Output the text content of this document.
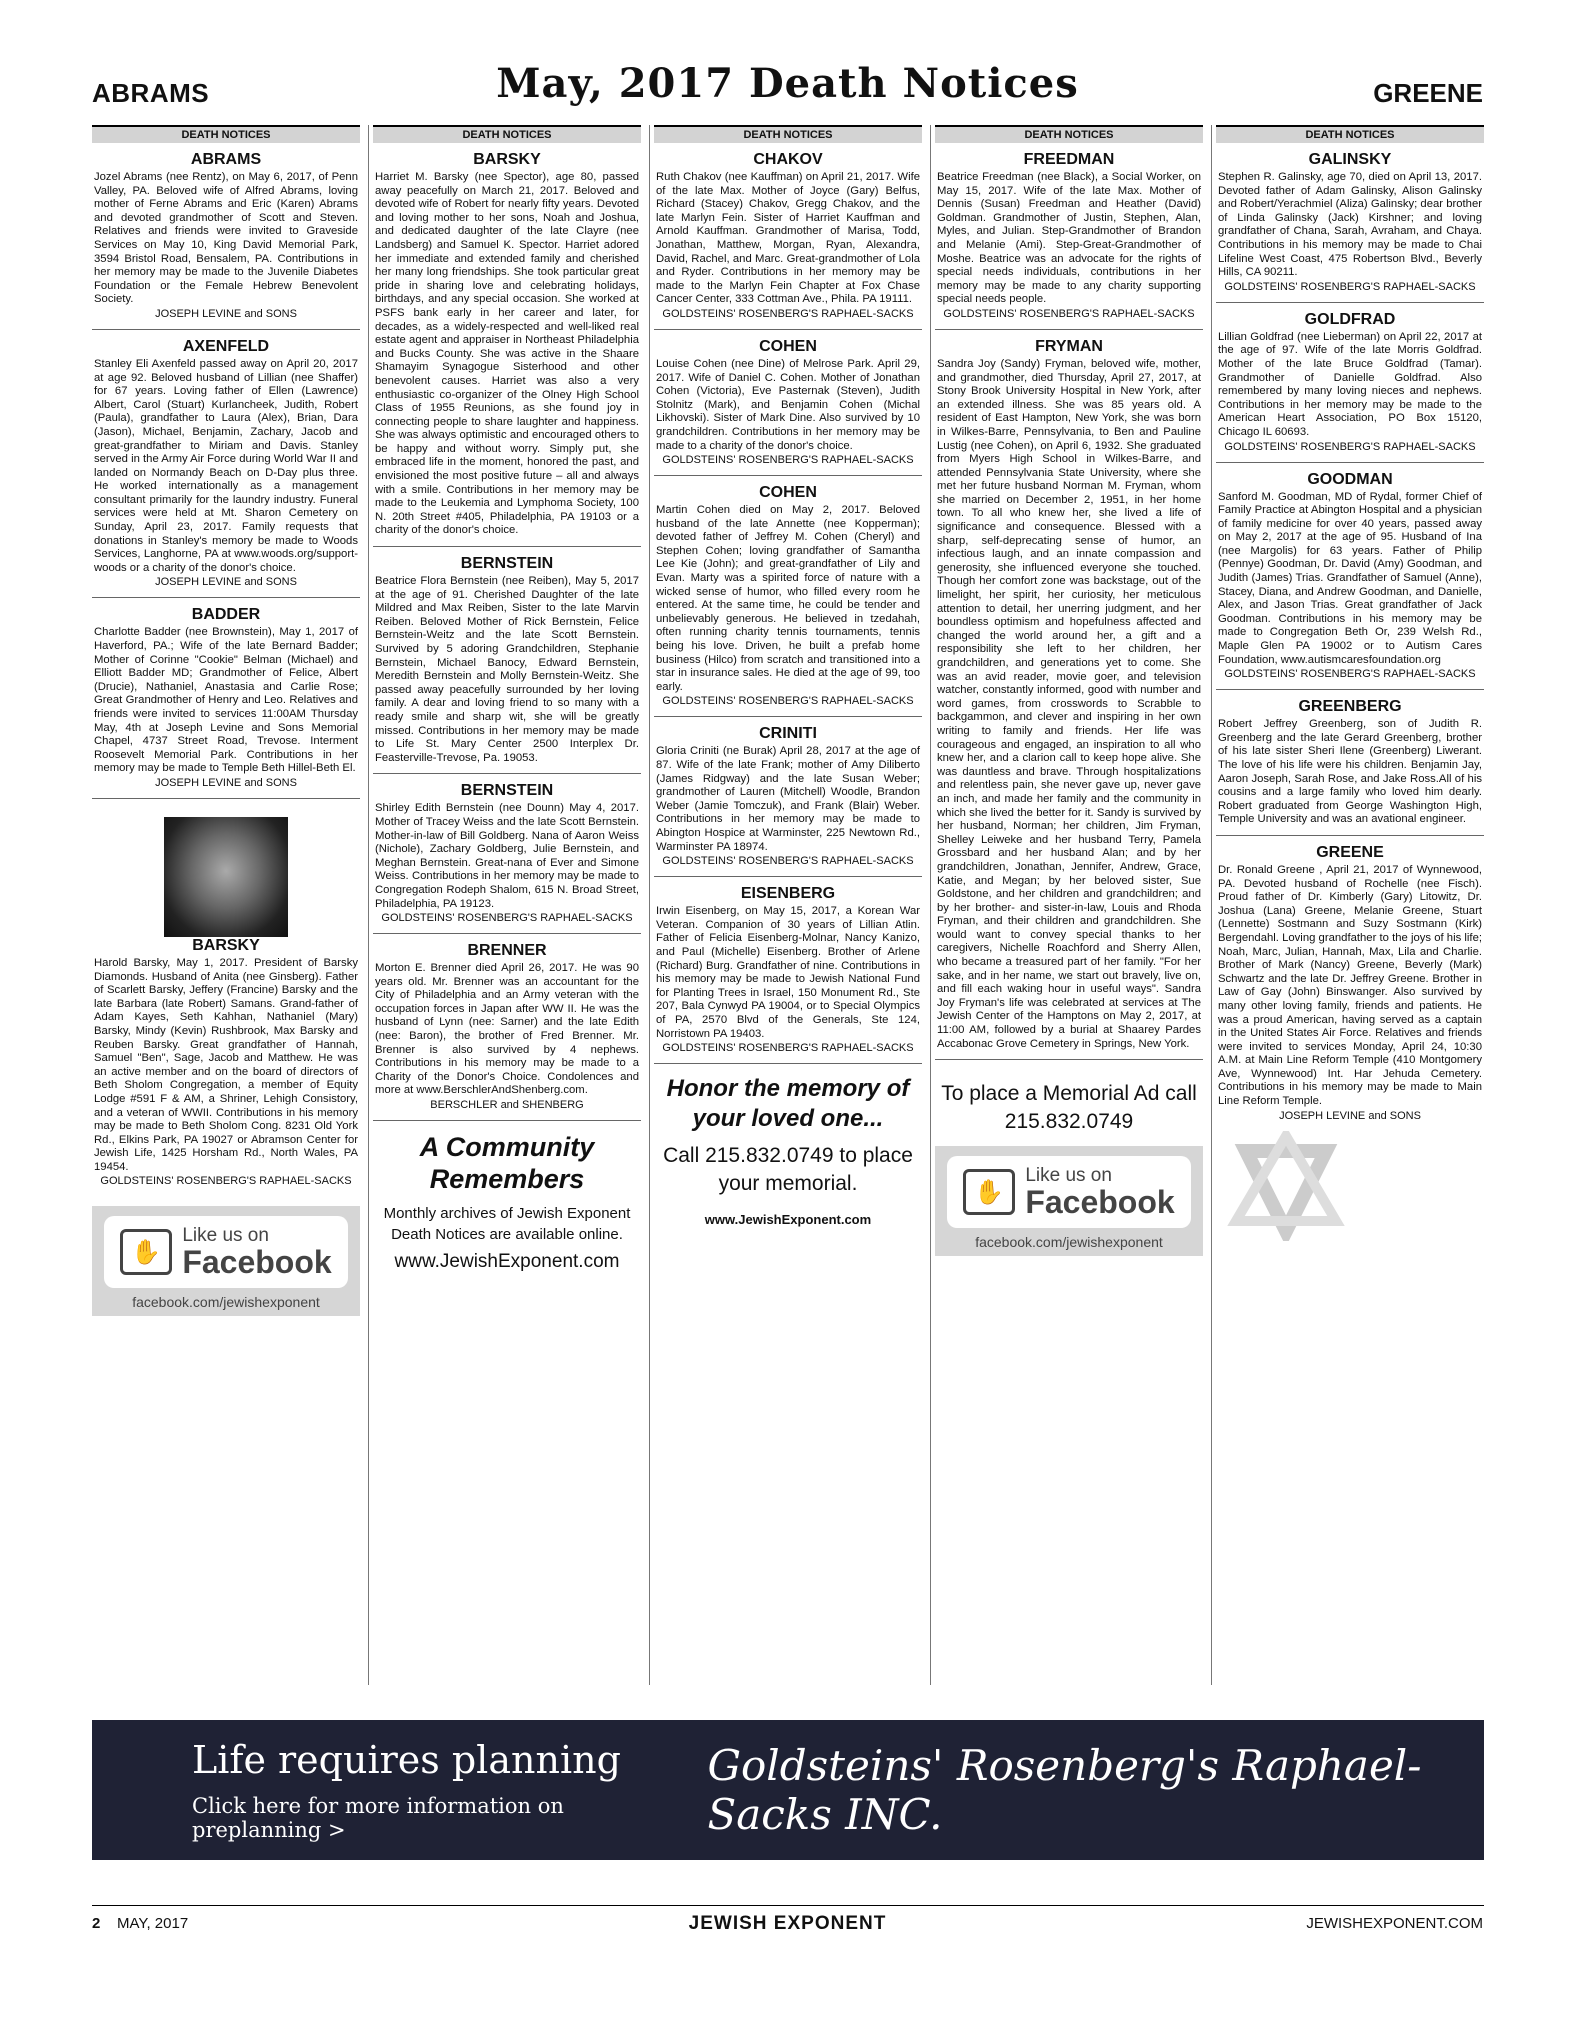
ABRAMS	May, 2017 Death Notices	GREENE
DEATH NOTICES
ABRAMS

Jozel Abrams (nee Rentz), on May 6, 2017, of Penn Valley, PA. Beloved wife of Alfred Abrams, loving mother of Ferne Abrams and Eric (Karen) Abrams and devoted grandmother of Scott and Steven. Relatives and friends were invited to Graveside Services on May 10, King David Memorial Park, 3594 Bristol Road, Bensalem, PA. Contributions in her memory may be made to the Juvenile Diabetes Foundation or the Female Hebrew Benevolent Society.

JOSEPH LEVINE and SONS

AXENFELD

Stanley Eli Axenfeld passed away on April 20, 2017 at age 92. Beloved husband of Lillian (nee Shaffer) for 67 years. Loving father of Ellen (Lawrence) Albert, Carol (Stuart) Kurlancheek, Judith, Robert (Paula), grandfather to Laura (Alex), Brian, Dara (Jason), Michael, Benjamin, Zachary, Jacob and great-grandfather to Miriam and Davis. Stanley served in the Army Air Force during World War II and landed on Normandy Beach on D-Day plus three. He worked internationally as a management consultant primarily for the laundry industry. Funeral services were held at Mt. Sharon Cemetery on Sunday, April 23, 2017. Family requests that donations in Stanley's memory be made to Woods Services, Langhorne, PA at www.woods.org/support-woods or a charity of the donor's choice.

JOSEPH LEVINE and SONS

BADDER

Charlotte Badder (nee Brownstein), May 1, 2017 of Haverford, PA.; Wife of the late Bernard Badder; Mother of Corinne "Cookie" Belman (Michael) and Elliott Badder MD; Grandmother of Felice, Albert (Drucie), Nathaniel, Anastasia and Carlie Rose; Great Grandmother of Henry and Leo. Relatives and friends were invited to services 11:00AM Thursday May, 4th at Joseph Levine and Sons Memorial Chapel, 4737 Street Road, Trevose. Interment Roosevelt Memorial Park. Contributions in her memory may be made to Temple Beth Hillel-Beth El.

JOSEPH LEVINE and SONS

BARSKY

Harold Barsky, May 1, 2017. President of Barsky Diamonds. Husband of Anita (nee Ginsberg). Father of Scarlett Barsky, Jeffery (Francine) Barsky and the late Barbara (late Robert) Samans. Grand-father of Adam Kayes, Seth Kahhan, Nathaniel (Mary) Barsky, Mindy (Kevin) Rushbrook, Max Barsky and Reuben Barsky. Great grandfather of Hannah, Samuel "Ben", Sage, Jacob and Matthew. He was an active member and on the board of directors of Beth Sholom Congregation, a member of Equity Lodge #591 F & AM, a Shriner, Lehigh Consistory, and a veteran of WWII. Contributions in his memory may be made to Beth Sholom Cong. 8231 Old York Rd., Elkins Park, PA 19027 or Abramson Center for Jewish Life, 1425 Horsham Rd., North Wales, PA 19454.

GOLDSTEINS' ROSENBERG'S RAPHAEL-SACKS

✋
Like us on
Facebook
facebook.com/jewishexponent
DEATH NOTICES
BARSKY

Harriet M. Barsky (nee Spector), age 80, passed away peacefully on March 21, 2017. Beloved and devoted wife of Robert for nearly fifty years. Devoted and loving mother to her sons, Noah and Joshua, and dedicated daughter of the late Clayre (nee Landsberg) and Samuel K. Spector. Harriet adored her immediate and extended family and cherished her many long friendships. She took particular great pride in sharing love and celebrating holidays, birthdays, and any special occasion. She worked at PSFS bank early in her career and later, for decades, as a widely-respected and well-liked real estate agent and appraiser in Northeast Philadelphia and Bucks County. She was active in the Shaare Shamayim Synagogue Sisterhood and other benevolent causes. Harriet was also a very enthusiastic co-organizer of the Olney High School Class of 1955 Reunions, as she found joy in connecting people to share laughter and happiness. She was always optimistic and encouraged others to be happy and without worry. Simply put, she embraced life in the moment, honored the past, and envisioned the most positive future – all and always with a smile. Contributions in her memory may be made to the Leukemia and Lymphoma Society, 100 N. 20th Street #405, Philadelphia, PA 19103 or a charity of the donor's choice.

BERNSTEIN

Beatrice Flora Bernstein (nee Reiben), May 5, 2017 at the age of 91. Cherished Daughter of the late Mildred and Max Reiben, Sister to the late Marvin Reiben. Beloved Mother of Rick Bernstein, Felice Bernstein-Weitz and the late Scott Bernstein. Survived by 5 adoring Grandchildren, Stephanie Bernstein, Michael Banocy, Edward Bernstein, Meredith Bernstein and Molly Bernstein-Weitz. She passed away peacefully surrounded by her loving family. A dear and loving friend to so many with a ready smile and sharp wit, she will be greatly missed. Contributions in her memory may be made to Life St. Mary Center 2500 Interplex Dr. Feasterville-Trevose, Pa. 19053.

BERNSTEIN

Shirley Edith Bernstein (nee Dounn) May 4, 2017. Mother of Tracey Weiss and the late Scott Bernstein. Mother-in-law of Bill Goldberg. Nana of Aaron Weiss (Nichole), Zachary Goldberg, Julie Bernstein, and Meghan Bernstein. Great-nana of Ever and Simone Weiss. Contributions in her memory may be made to Congregation Rodeph Shalom, 615 N. Broad Street, Philadelphia, PA 19123.

GOLDSTEINS' ROSENBERG'S RAPHAEL-SACKS

BRENNER

Morton E. Brenner died April 26, 2017. He was 90 years old. Mr. Brenner was an accountant for the City of Philadelphia and an Army veteran with the occupation forces in Japan after WW II. He was the husband of Lynn (nee: Sarner) and the late Edith (nee: Baron), the brother of Fred Brenner. Mr. Brenner is also survived by 4 nephews. Contributions in his memory may be made to a Charity of the Donor's Choice. Condolences and more at www.BerschlerAndShenberg.com.

BERSCHLER and SHENBERG

A Community Remembers
Monthly archives of Jewish Exponent Death Notices are available online.
www.JewishExponent.com
DEATH NOTICES
CHAKOV

Ruth Chakov (nee Kauffman) on April 21, 2017. Wife of the late Max. Mother of Joyce (Gary) Belfus, Richard (Stacey) Chakov, Gregg Chakov, and the late Marlyn Fein. Sister of Harriet Kauffman and Arnold Kauffman. Grandmother of Marisa, Todd, Jonathan, Matthew, Morgan, Ryan, Alexandra, David, Rachel, and Marc. Great-grandmother of Lola and Ryder. Contributions in her memory may be made to the Marlyn Fein Chapter at Fox Chase Cancer Center, 333 Cottman Ave., Phila. PA 19111.

GOLDSTEINS' ROSENBERG'S RAPHAEL-SACKS

COHEN

Louise Cohen (nee Dine) of Melrose Park. April 29, 2017. Wife of Daniel C. Cohen. Mother of Jonathan Cohen (Victoria), Eve Pasternak (Steven), Judith Stolnitz (Mark), and Benjamin Cohen (Michal Likhovski). Sister of Mark Dine. Also survived by 10 grandchildren. Contributions in her memory may be made to a charity of the donor's choice.

GOLDSTEINS' ROSENBERG'S RAPHAEL-SACKS

COHEN

Martin Cohen died on May 2, 2017. Beloved husband of the late Annette (nee Kopperman); devoted father of Jeffrey M. Cohen (Cheryl) and Stephen Cohen; loving grandfather of Samantha Lee Kie (John); and great-grandfather of Lily and Evan. Marty was a spirited force of nature with a wicked sense of humor, who filled every room he entered. At the same time, he could be tender and unbelievably generous. He believed in tzedahah, often running charity tennis tournaments, tennis being his love. Driven, he built a prefab home business (Hilco) from scratch and transitioned into a star in insurance sales. He died at the age of 99, too early.

GOLDSTEINS' ROSENBERG'S RAPHAEL-SACKS

CRINITI

Gloria Criniti (ne Burak) April 28, 2017 at the age of 87. Wife of the late Frank; mother of Amy Diliberto (James Ridgway) and the late Susan Weber; grandmother of Lauren (Mitchell) Woodle, Brandon Weber (Jamie Tomczuk), and Frank (Blair) Weber. Contributions in her memory may be made to Abington Hospice at Warminster, 225 Newtown Rd., Warminster PA 18974.

GOLDSTEINS' ROSENBERG'S RAPHAEL-SACKS

EISENBERG

Irwin Eisenberg, on May 15, 2017, a Korean War Veteran. Companion of 30 years of Lillian Atlin. Father of Felicia Eisenberg-Molnar, Nancy Kanizo, and Paul (Michelle) Eisenberg. Brother of Arlene (Richard) Burg. Grandfather of nine. Contributions in his memory may be made to Jewish National Fund for Planting Trees in Israel, 150 Monument Rd., Ste 207, Bala Cynwyd PA 19004, or to Special Olympics of PA, 2570 Blvd of the Generals, Ste 124, Norristown PA 19403.

GOLDSTEINS' ROSENBERG'S RAPHAEL-SACKS

Honor the memory of your loved one...
Call 215.832.0749 to place your memorial.
www.JewishExponent.com
DEATH NOTICES
FREEDMAN

Beatrice Freedman (nee Black), a Social Worker, on May 15, 2017. Wife of the late Max. Mother of Dennis (Susan) Freedman and Heather (David) Goldman. Grandmother of Justin, Stephen, Alan, Myles, and Julian. Step-Grandmother of Brandon and Melanie (Ami). Step-Great-Grandmother of Moshe. Beatrice was an advocate for the rights of special needs individuals, contributions in her memory may be made to any charity supporting special needs people.

GOLDSTEINS' ROSENBERG'S RAPHAEL-SACKS

FRYMAN

Sandra Joy (Sandy) Fryman, beloved wife, mother, and grandmother, died Thursday, April 27, 2017, at Stony Brook University Hospital in New York, after an extended illness. She was 85 years old. A resident of East Hampton, New York, she was born in Wilkes-Barre, Pennsylvania, to Ben and Pauline Lustig (nee Cohen), on April 6, 1932. She graduated from Myers High School in Wilkes-Barre, and attended Pennsylvania State University, where she met her future husband Norman M. Fryman, whom she married on December 2, 1951, in her home town. To all who knew her, she lived a life of significance and consequence. Blessed with a sharp, self-deprecating sense of humor, an infectious laugh, and an innate compassion and generosity, she influenced everyone she touched. Though her comfort zone was backstage, out of the limelight, her spirit, her curiosity, her meticulous attention to detail, her unerring judgment, and her boundless optimism and hopefulness affected and changed the world around her, a gift and a responsibility she left to her children, her grandchildren, and generations yet to come. She was an avid reader, movie goer, and television watcher, constantly informed, good with number and word games, from crosswords to Scrabble to backgammon, and clever and inspiring in her own writing to family and friends. Her life was courageous and engaged, an inspiration to all who knew her, and a clarion call to keep hope alive. She was dauntless and brave. Through hospitalizations and relentless pain, she never gave up, never gave an inch, and made her family and the community in which she lived the better for it. Sandy is survived by her husband, Norman; her children, Jim Fryman, Shelley Leiweke and her husband Terry, Pamela Grossbard and her husband Alan; and by her grandchildren, Jonathan, Jennifer, Andrew, Grace, Katie, and Megan; by her beloved sister, Sue Goldstone, and her children and grandchildren; and by her brother- and sister-in-law, Louis and Rhoda Fryman, and their children and grandchildren. She would want to convey special thanks to her caregivers, Nichelle Roachford and Sherry Allen, who became a treasured part of her family. "For her sake, and in her name, we start out bravely, live on, and fill each waking hour in useful ways". Sandra Joy Fryman's life was celebrated at services at The Jewish Center of the Hamptons on May 2, 2017, at 11:00 AM, followed by a burial at Shaarey Pardes Accabonac Grove Cemetery in Springs, New York.

To place a Memorial Ad call 215.832.0749
✋
Like us on
Facebook
facebook.com/jewishexponent
DEATH NOTICES
GALINSKY

Stephen R. Galinsky, age 70, died on April 13, 2017. Devoted father of Adam Galinsky, Alison Galinsky and Robert/Yerachmiel (Aliza) Galinsky; dear brother of Linda Galinsky (Jack) Kirshner; and loving grandfather of Chana, Sarah, Avraham, and Chaya. Contributions in his memory may be made to Chai Lifeline West Coast, 475 Robertson Blvd., Beverly Hills, CA 90211.

GOLDSTEINS' ROSENBERG'S RAPHAEL-SACKS

GOLDFRAD

Lillian Goldfrad (nee Lieberman) on April 22, 2017 at the age of 97. Wife of the late Morris Goldfrad. Mother of the late Bruce Goldfrad (Tamar). Grandmother of Danielle Goldfrad. Also remembered by many loving nieces and nephews. Contributions in her memory may be made to the American Heart Association, PO Box 15120, Chicago IL 60693.

GOLDSTEINS' ROSENBERG'S RAPHAEL-SACKS

GOODMAN

Sanford M. Goodman, MD of Rydal, former Chief of Family Practice at Abington Hospital and a physician of family medicine for over 40 years, passed away on May 2, 2017 at the age of 95. Husband of Ina (nee Margolis) for 63 years. Father of Philip (Pennye) Goodman, Dr. David (Amy) Goodman, and Judith (James) Trias. Grandfather of Samuel (Anne), Stacey, Diana, and Andrew Goodman, and Danielle, Alex, and Jason Trias. Great grandfather of Jack Goodman. Contributions in his memory may be made to Congregation Beth Or, 239 Welsh Rd., Maple Glen PA 19002 or to Autism Cares Foundation, www.autismcaresfoundation.org

GOLDSTEINS' ROSENBERG'S RAPHAEL-SACKS

GREENBERG

Robert Jeffrey Greenberg, son of Judith R. Greenberg and the late Gerard Greenberg, brother of his late sister Sheri Ilene (Greenberg) Liwerant. The love of his life were his children. Benjamin Jay, Aaron Joseph, Sarah Rose, and Jake Ross.All of his cousins and a large family who loved him dearly. Robert graduated from George Washington High, Temple University and was an avational engineer.

GREENE

Dr. Ronald Greene , April 21, 2017 of Wynnewood, PA. Devoted husband of Rochelle (nee Fisch). Proud father of Dr. Kimberly (Gary) Litowitz, Dr. Joshua (Lana) Greene, Melanie Greene, Stuart (Lennette) Sostmann and Suzy Sostmann (Kirk) Bergendahl. Loving grandfather to the joys of his life; Noah, Marc, Julian, Hannah, Max, Lila and Charlie. Brother of Mark (Nancy) Greene, Beverly (Mark) Schwartz and the late Dr. Jeffrey Greene. Brother in Law of Gay (John) Binswanger. Also survived by many other loving family, friends and patients. He was a proud American, having served as a captain in the United States Air Force. Relatives and friends were invited to services Monday, April 24, 10:30 A.M. at Main Line Reform Temple (410 Montgomery Ave, Wynnewood) Int. Har Jehuda Cemetery. Contributions in his memory may be made to Main Line Reform Temple.

JOSEPH LEVINE and SONS

Life requires planning
Click here for more information on preplanning >
Goldsteins' Rosenberg's Raphael-Sacks INC.
2 MAY, 2017	JEWISH EXPONENT	JEWISHEXPONENT.COM
